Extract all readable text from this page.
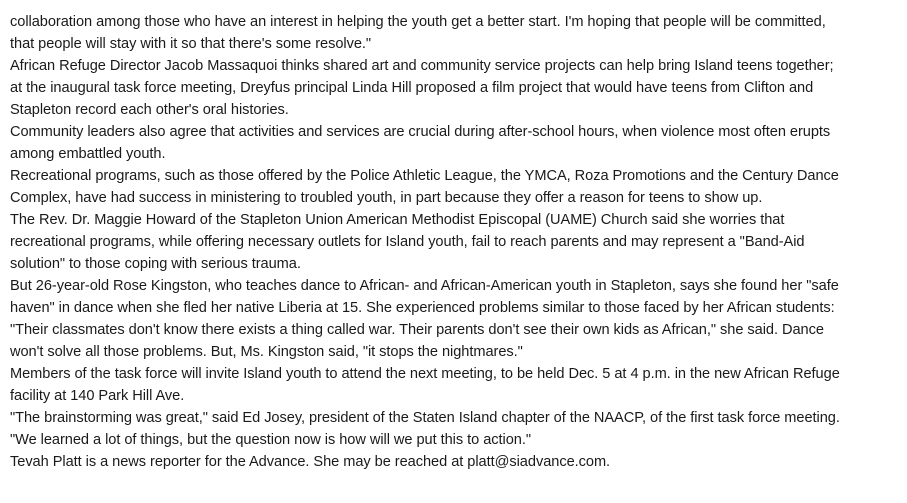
collaboration among those who have an interest in helping the youth get a better start. I'm hoping that people will be committed,
that people will stay with it so that there's some resolve."
African Refuge Director Jacob Massaquoi thinks shared art and community service projects can help bring Island teens together;
at the inaugural task force meeting, Dreyfus principal Linda Hill proposed a film project that would have teens from Clifton and
Stapleton record each other's oral histories.
Community leaders also agree that activities and services are crucial during after-school hours, when violence most often erupts
among embattled youth.
Recreational programs, such as those offered by the Police Athletic League, the YMCA, Roza Promotions and the Century Dance
Complex, have had success in ministering to troubled youth, in part because they offer a reason for teens to show up.
The Rev. Dr. Maggie Howard of the Stapleton Union American Methodist Episcopal (UAME) Church said she worries that
recreational programs, while offering necessary outlets for Island youth, fail to reach parents and may represent a "Band-Aid
solution" to those coping with serious trauma.
But 26-year-old Rose Kingston, who teaches dance to African- and African-American youth in Stapleton, says she found her "safe
haven" in dance when she fled her native Liberia at 15. She experienced problems similar to those faced by her African students:
"Their classmates don't know there exists a thing called war. Their parents don't see their own kids as African," she said. Dance
won't solve all those problems. But, Ms. Kingston said, "it stops the nightmares."
Members of the task force will invite Island youth to attend the next meeting, to be held Dec. 5 at 4 p.m. in the new African Refuge
facility at 140 Park Hill Ave.
"The brainstorming was great," said Ed Josey, president of the Staten Island chapter of the NAACP, of the first task force meeting.
"We learned a lot of things, but the question now is how will we put this to action."
Tevah Platt is a news reporter for the Advance. She may be reached at platt@siadvance.com.
